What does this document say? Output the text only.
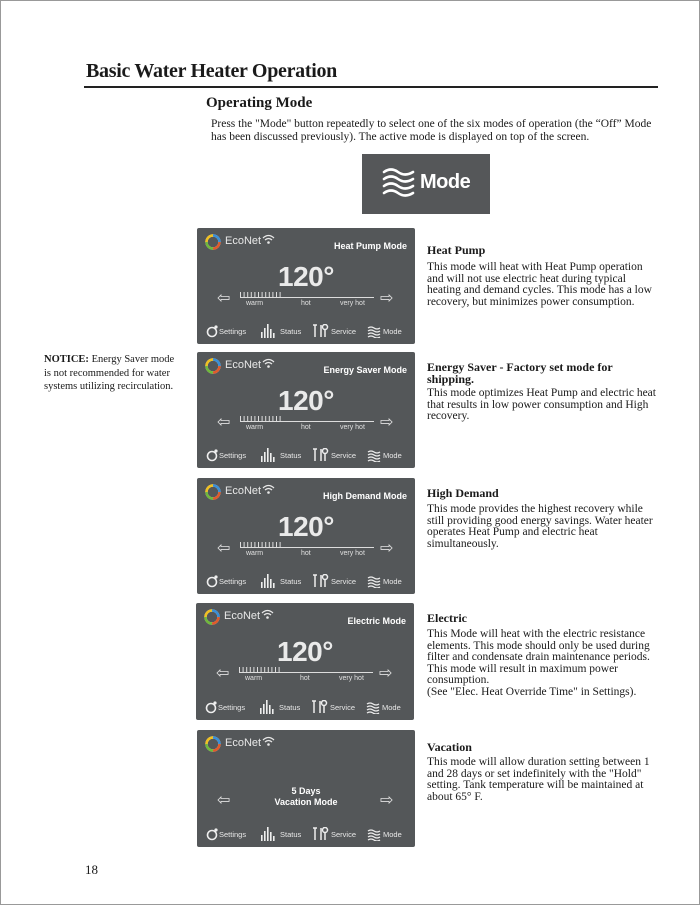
Basic Water Heater Operation
Operating Mode
Press the "Mode" button repeatedly to select one of the six modes of operation (the “Off” Mode has been discussed previously). The active mode is displayed on top of the screen.
Mode
NOTICE: Energy Saver mode is not recommended for water systems utilizing recirculation.
EcoNet	Heat Pump Mode
120°
⇦	⇨
warm	hot	very hot
Settings	Status	Service	Mode
EcoNet	Energy Saver Mode
120°
⇦	⇨
warm	hot	very hot
Settings	Status	Service	Mode
EcoNet	High Demand Mode
120°
⇦	⇨
warm	hot	very hot
Settings	Status	Service	Mode
EcoNet	Electric Mode
120°
⇦	⇨
warm	hot	very hot
Settings	Status	Service	Mode
EcoNet
5 Days
Vacation Mode
⇦	⇨
Settings	Status	Service	Mode
Heat Pump
This mode will heat with Heat Pump operation and will not use electric heat during typical heating and demand cycles. This mode has a low recovery, but minimizes power consumption.
Energy Saver - Factory set mode for shipping.
This mode optimizes Heat Pump and electric heat that results in low power consumption and High recovery.
High Demand
This mode provides the highest recovery while still providing good energy savings. Water heater operates Heat Pump and electric heat simultaneously.
Electric
This Mode will heat with the electric resistance elements. This mode should only be used during filter and condensate drain maintenance periods. This mode will result in maximum power consumption.
(See "Elec. Heat Override Time" in Settings).
Vacation
This mode will allow duration setting between 1 and 28 days or set indefinitely with the "Hold" setting. Tank temperature will be maintained at about 65° F.
18
